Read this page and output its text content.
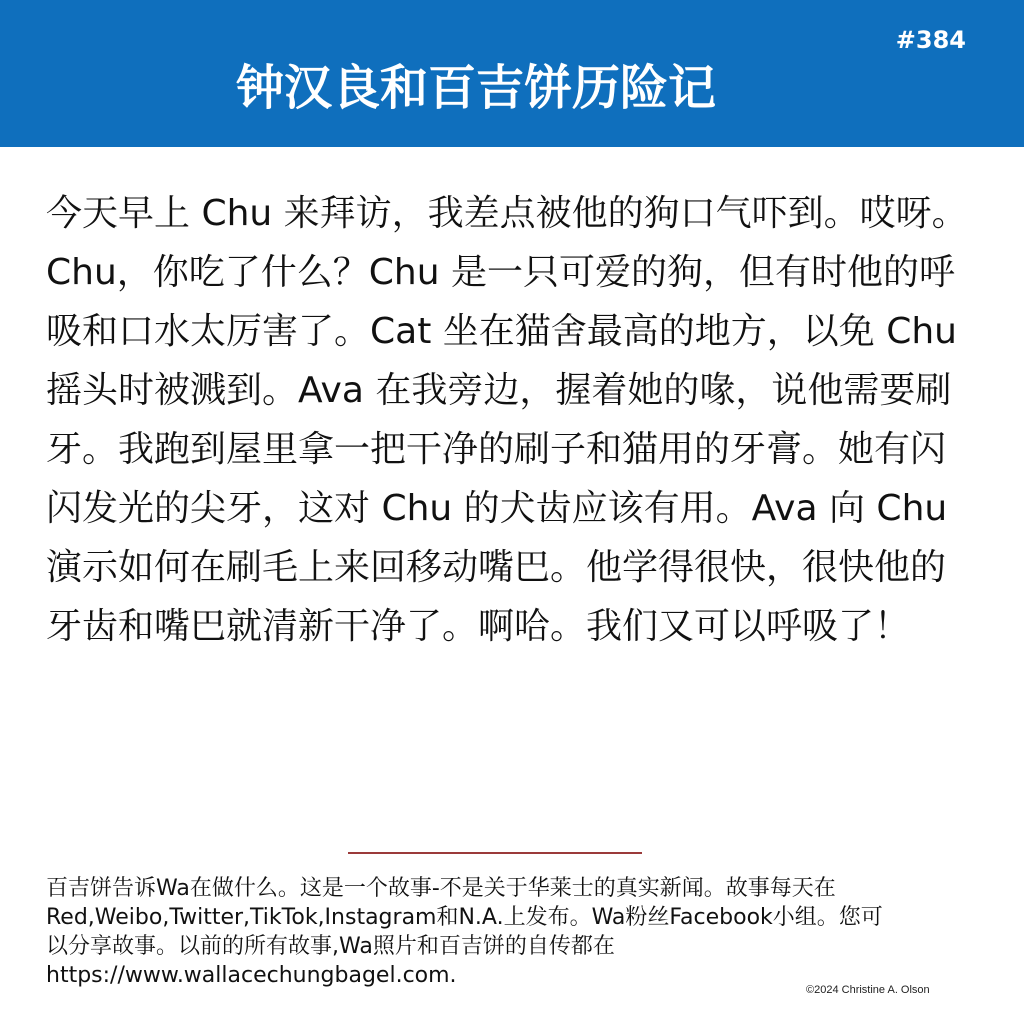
#384
钟汉良和百吉饼历险记

今天早上 Chu 来拜访，我差点被他的狗口气吓到。哎呀。Chu，你吃了什么？Chu 是一只可爱的狗，但有时他的呼吸和口水太厉害了。Cat 坐在猫舍最高的地方，以免 Chu 摇头时被溅到。Ava 在我旁边，握着她的喙，说他需要刷牙。我跑到屋里拿一把干净的刷子和猫用的牙膏。她有闪闪发光的尖牙，这对 Chu 的犬齿应该有用。Ava 向 Chu 演示如何在刷毛上来回移动嘴巴。他学得很快，很快他的牙齿和嘴巴就清新干净了。啊哈。我们又可以呼吸了！

百吉饼告诉Wa在做什么。这是一个故事-不是关于华莱士的真实新闻。故事每天在
Red,Weibo,Twitter,TikTok,Instagram和N.A.上发布。Wa粉丝Facebook小组。您可
以分享故事。以前的所有故事,Wa照片和百吉饼的自传都在
https://www.wallacechungbagel.com.

©2024 Christine A. Olson
